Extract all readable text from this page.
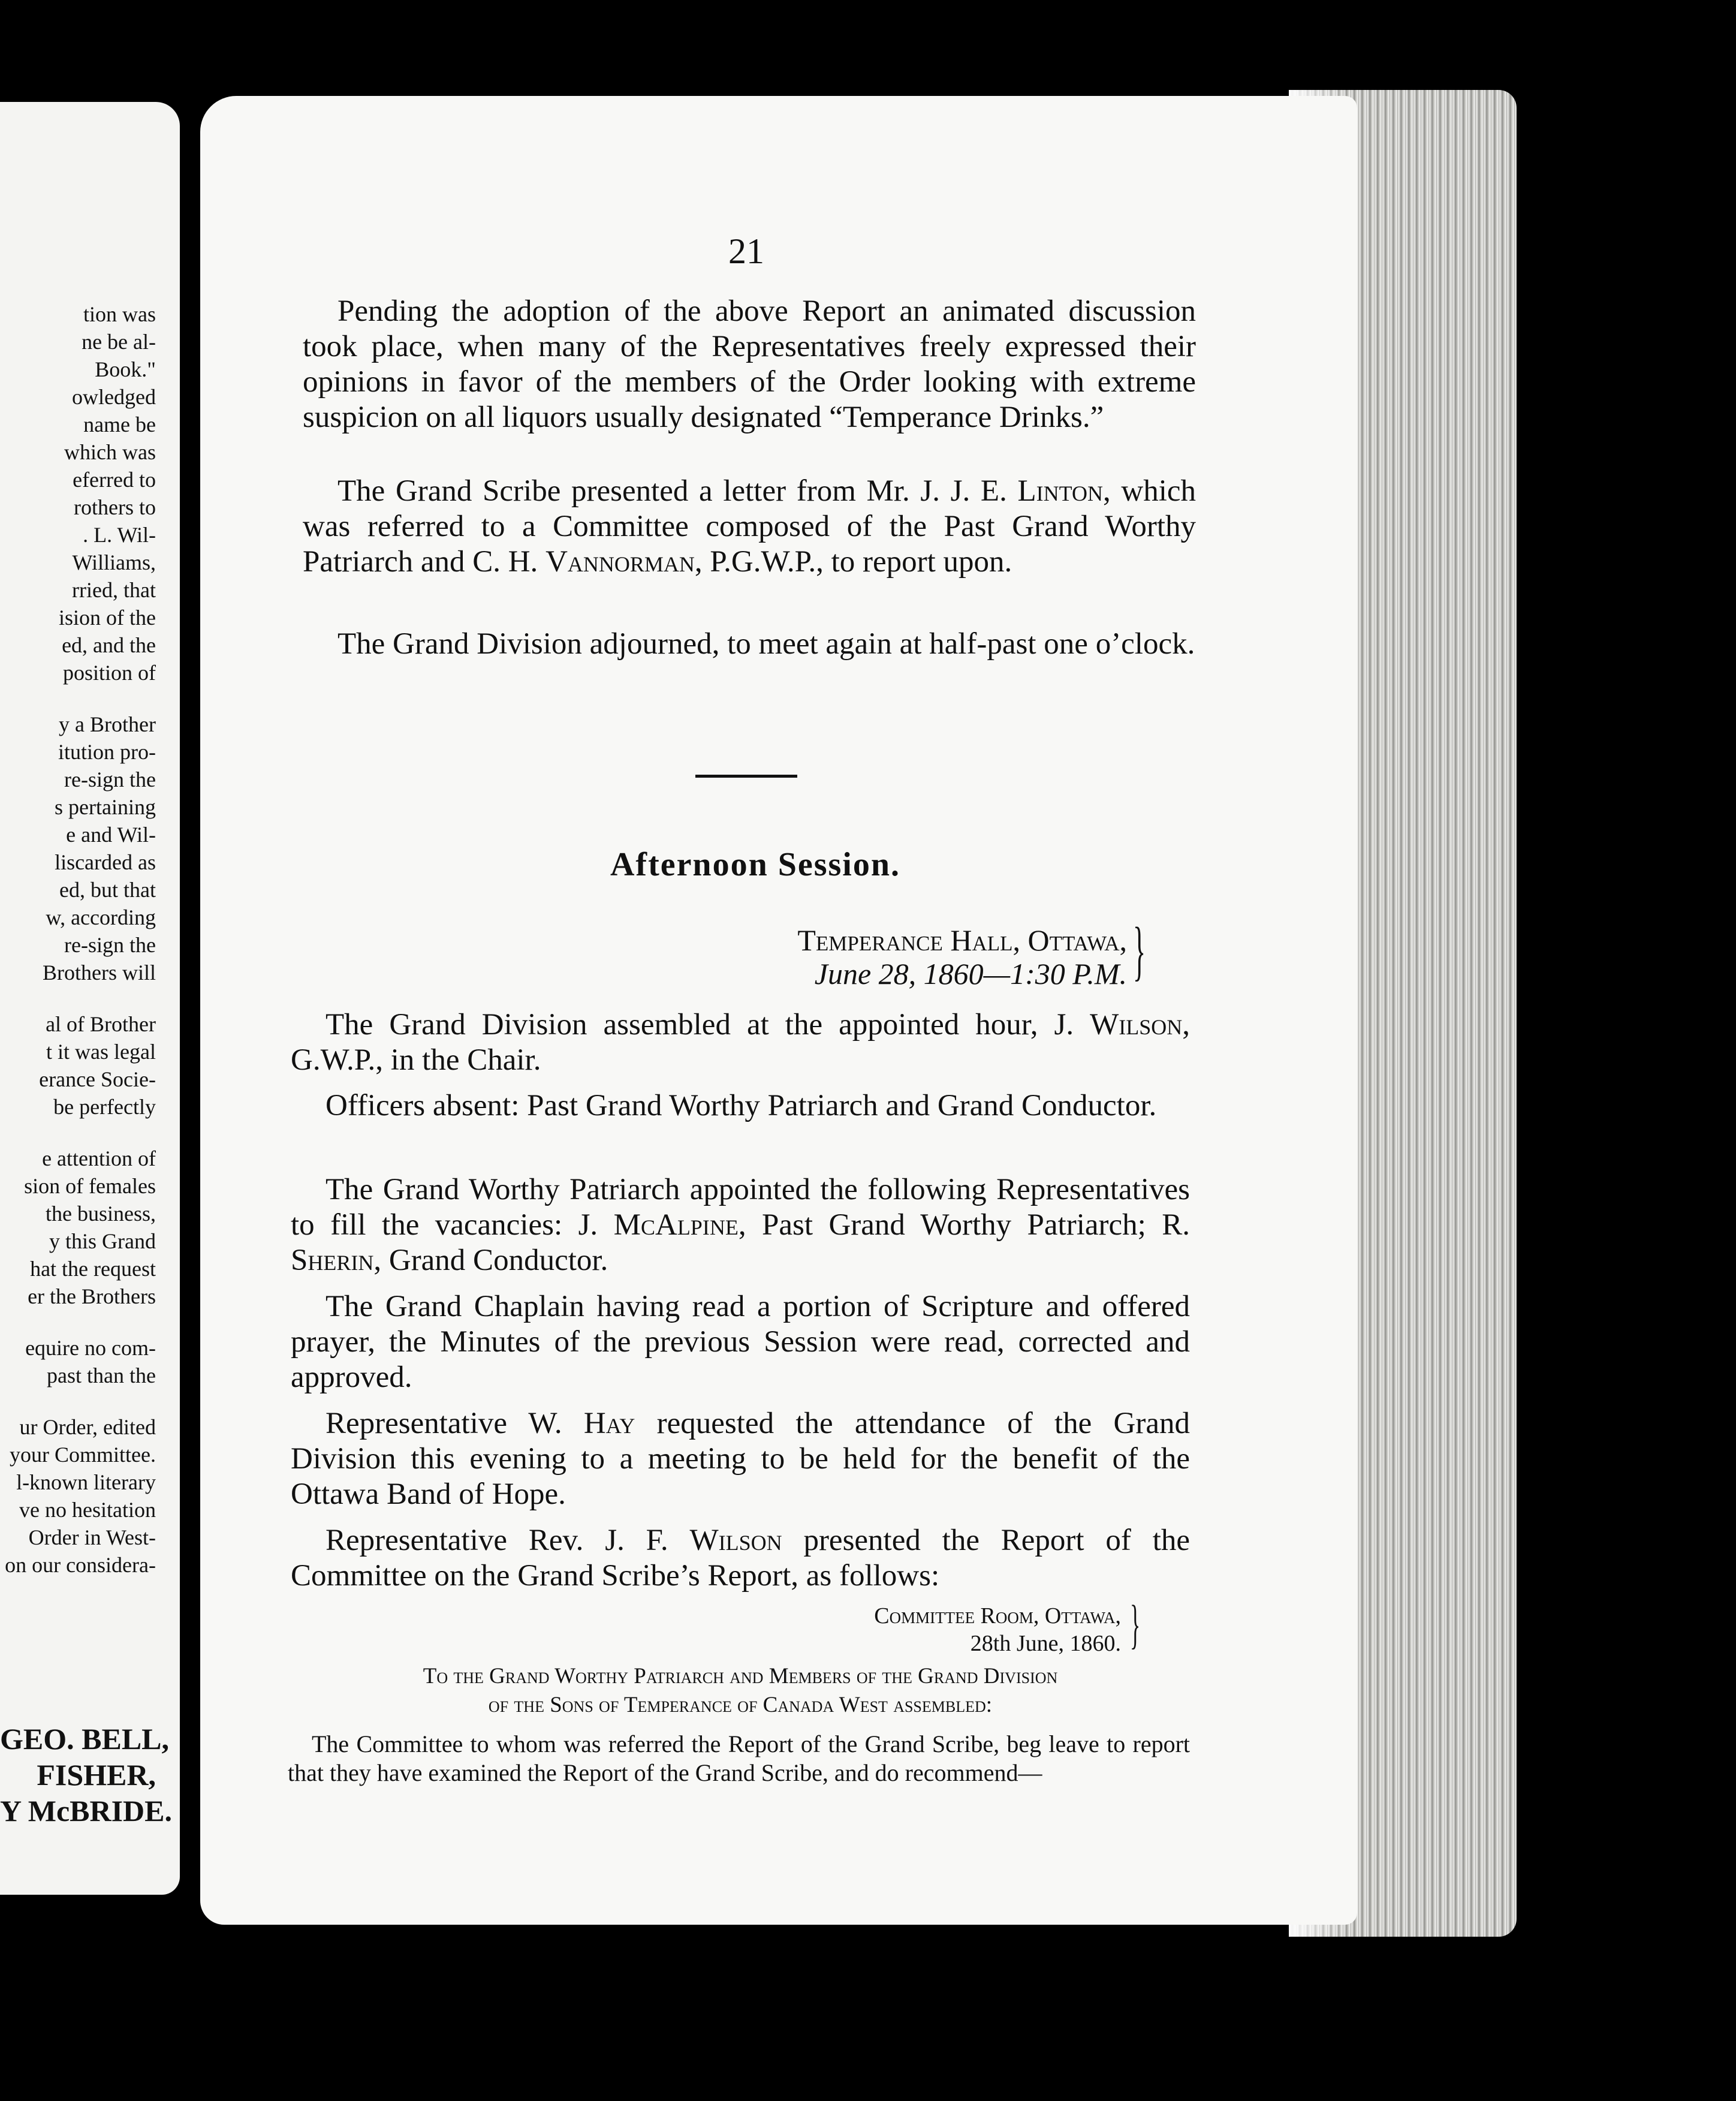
tion was
ne be al-
Book."
owledged
name be
which was
eferred to
rothers to
. L. Wil-
Williams,
rried, that
ision of the
ed, and the
position of
y a Brother
itution pro-
re-sign the
s pertaining
e and Wil-
liscarded as
ed, but that
w, according
re-sign the
Brothers will
al of Brother
t it was legal
erance Socie-
be perfectly
e attention of
sion of females
the business,
y this Grand
hat the request
er the Brothers
equire no com-
past than the
ur Order, edited
your Committee.
l-known literary
ve no hesitation
Order in West-
on our considera-
GEO. BELL,
FISHER,
Y McBRIDE.
21

Pending the adoption of the above Report an animated discussion took place, when many of the Representatives freely expressed their opinions in favor of the members of the Order looking with extreme suspicion on all liquors usually designated “Temperance Drinks.”

The Grand Scribe presented a letter from Mr. J. J. E. Linton, which was referred to a Committee composed of the Past Grand Worthy Patriarch and C. H. Vannorman, P.G.W.P., to report upon.

The Grand Division adjourned, to meet again at half-past one o’clock.

Afternoon Session.
Temperance Hall, Ottawa,
June 28, 1860—1:30 P.M. }

The Grand Division assembled at the appointed hour, J. Wilson, G.W.P., in the Chair.

Officers absent: Past Grand Worthy Patriarch and Grand Conductor.

The Grand Worthy Patriarch appointed the following Representatives to fill the vacancies: J. McAlpine, Past Grand Worthy Patriarch; R. Sherin, Grand Conductor.

The Grand Chaplain having read a portion of Scripture and offered prayer, the Minutes of the previous Session were read, corrected and approved.

Representative W. Hay requested the attendance of the Grand Division this evening to a meeting to be held for the benefit of the Ottawa Band of Hope.

Representative Rev. J. F. Wilson presented the Report of the Committee on the Grand Scribe’s Report, as follows:

Committee Room, Ottawa,
28th June, 1860. }
To the Grand Worthy Patriarch and Members of the Grand Division
of the Sons of Temperance of Canada West assembled:

The Committee to whom was referred the Report of the Grand Scribe, beg leave to report that they have examined the Report of the Grand Scribe, and do recommend—
